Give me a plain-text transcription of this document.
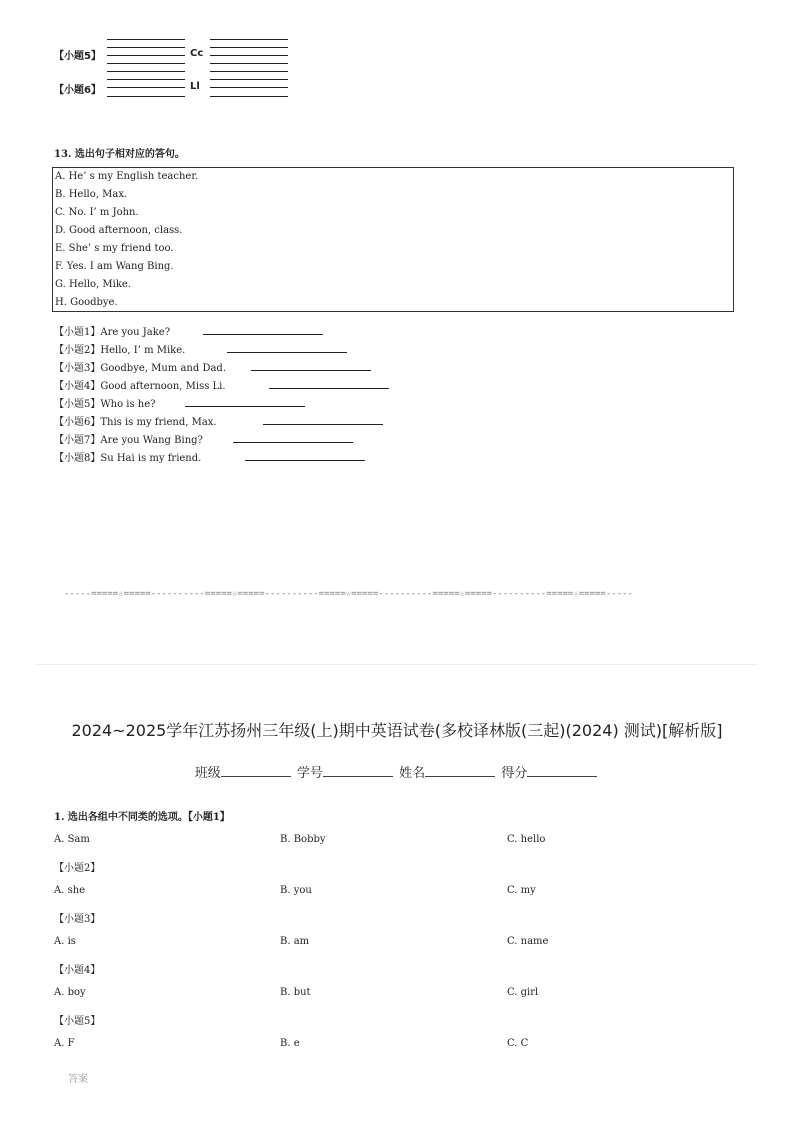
【小题5】	Cc
【小题6】	Ll
13. 选出句子相对应的答句。
A. He’ s my English teacher.
B. Hello, Max.
C. No. I’ m John.
D. Good afternoon, class.
E. She’ s my friend too.
F. Yes. I am Wang Bing.
G. Hello, Mike.
H. Goodbye.
【小题1】Are you Jake?
【小题2】Hello, I’ m Mike.
【小题3】Goodbye, Mum and Dad.
【小题4】Good afternoon, Miss Li.
【小题5】Who is he?
【小题6】This is my friend, Max.
【小题7】Are you Wang Bing?
【小题8】Su Hai is my friend.
-----=====☆=====----------=====☆=====----------=====☆=====----------=====☆=====----------=====☆=====-----
2024~2025学年江苏扬州三年级(上)期中英语试卷(多校译林版(三起)(2024) 测试)[解析版]
班级	学号	姓名	得分
1. 选出各组中不同类的选项。【小题1】
A. Sam	B. Bobby	C. hello
【小题2】
A. she	B. you	C. my
【小题3】
A. is	B. am	C. name
【小题4】
A. boy	B. but	C. girl
【小题5】
A. F	B. e	C. C
答案
